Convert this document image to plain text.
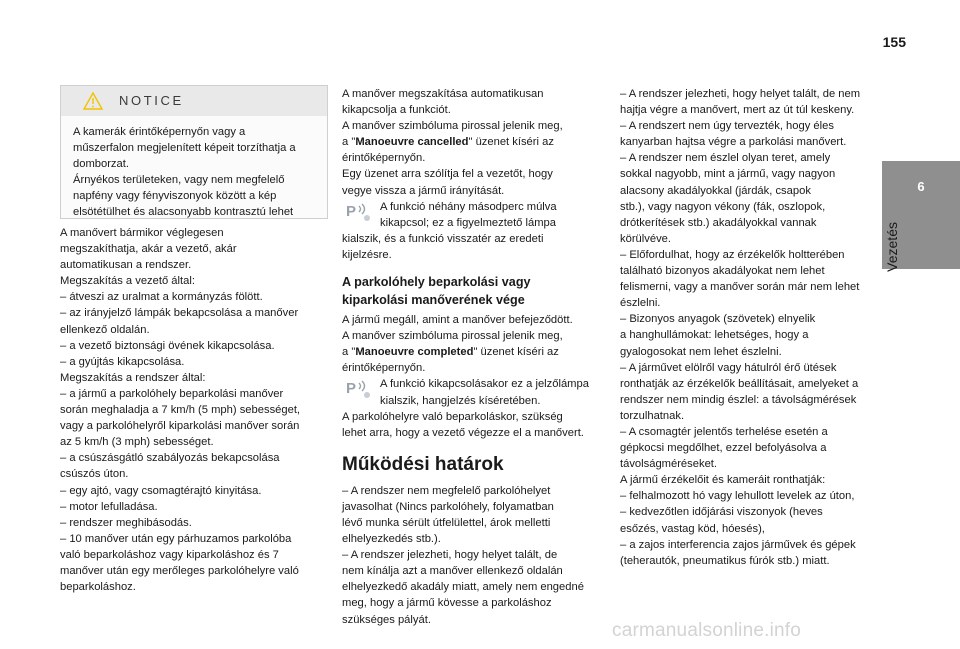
155
6
Vezetés
NOTICE

A kamerák érintőképernyőn vagy a

műszerfalon megjelenített képeit torzíthatja a

domborzat.

Árnyékos területeken, vagy nem megfelelő

napfény vagy fényviszonyok között a kép

elsötétülhet és alacsonyabb kontrasztú lehet

A manővert bármikor véglegesen

megszakíthatja, akár a vezető, akár

automatikusan a rendszer.

Megszakítás a vezető által:

– átveszi az uralmat a kormányzás fölött.

– az irányjelző lámpák bekapcsolása a manőver

ellenkező oldalán.

– a vezető biztonsági övének kikapcsolása.

– a gyújtás kikapcsolása.

Megszakítás a rendszer által:

– a jármű a parkolóhely beparkolási manőver

során meghaladja a 7 km/h (5 mph) sebességet,

vagy a parkolóhelyről kiparkolási manőver során

az 5 km/h (3 mph) sebességet.

– a csúszásgátló szabályozás bekapcsolása

csúszós úton.

– egy ajtó, vagy csomagtérajtó kinyitása.

– motor lefulladása.

– rendszer meghibásodás.

– 10 manőver után egy párhuzamos parkolóba

való beparkoláshoz vagy kiparkoláshoz és 7

manőver után egy merőleges parkolóhelyre való

beparkoláshoz.

A manőver megszakítása automatikusan

kikapcsolja a funkciót.

A manőver szimbóluma pirossal jelenik meg,

a "Manoeuvre cancelled" üzenet kíséri az

érintőképernyőn.

Egy üzenet arra szólítja fel a vezetőt, hogy

vegye vissza a jármű irányítását.

P A funkció néhány másodperc múlva

kikapcsol; ez a figyelmeztető lámpa

kialszik, és a funkció visszatér az eredeti

kijelzésre.

A parkolóhely beparkolási vagy

kiparkolási manőverének vége

A jármű megáll, amint a manőver befejeződött.

A manőver szimbóluma pirossal jelenik meg,

a "Manoeuvre completed" üzenet kíséri az

érintőképernyőn.

P A funkció kikapcsolásakor ez a jelzőlámpa

kialszik, hangjelzés kíséretében.

A parkolóhelyre való beparkoláskor, szükség

lehet arra, hogy a vezető végezze el a manővert.

Működési határok

– A rendszer nem megfelelő parkolóhelyet

javasolhat (Nincs parkolóhely, folyamatban

lévő munka sérült útfelülettel, árok melletti

elhelyezkedés stb.).

– A rendszer jelezheti, hogy helyet talált, de

nem kínálja azt a manőver ellenkező oldalán

elhelyezkedő akadály miatt, amely nem engedné

meg, hogy a jármű kövesse a parkoláshoz

szükséges pályát.

– A rendszer jelezheti, hogy helyet talált, de nem

hajtja végre a manővert, mert az út túl keskeny.

– A rendszert nem úgy tervezték, hogy éles

kanyarban hajtsa végre a parkolási manővert.

– A rendszer nem észlel olyan teret, amely

sokkal nagyobb, mint a jármű, vagy nagyon

alacsony akadályokkal (járdák, csapok

stb.), vagy nagyon vékony (fák, oszlopok,

drótkerítések stb.) akadályokkal vannak

körülvéve.

– Előfordulhat, hogy az érzékelők holtterében

található bizonyos akadályokat nem lehet

felismerni, vagy a manőver során már nem lehet

észlelni.

– Bizonyos anyagok (szövetek) elnyelik

a hanghullámokat: lehetséges, hogy a

gyalogosokat nem lehet észlelni.

– A járművet elölről vagy hátulról érő ütések

ronthatják az érzékelők beállításait, amelyeket a

rendszer nem mindig észlel: a távolságmérések

torzulhatnak.

– A csomagtér jelentős terhelése esetén a

gépkocsi megdőlhet, ezzel befolyásolva a

távolságméréseket.

A jármű érzékelőit és kameráit ronthatják:

– felhalmozott hó vagy lehullott levelek az úton,

– kedvezőtlen időjárási viszonyok (heves

esőzés, vastag köd, hóesés),

– a zajos interferencia zajos járművek és gépek

(teherautók, pneumatikus fúrók stb.) miatt.

carmanualsonline.info
